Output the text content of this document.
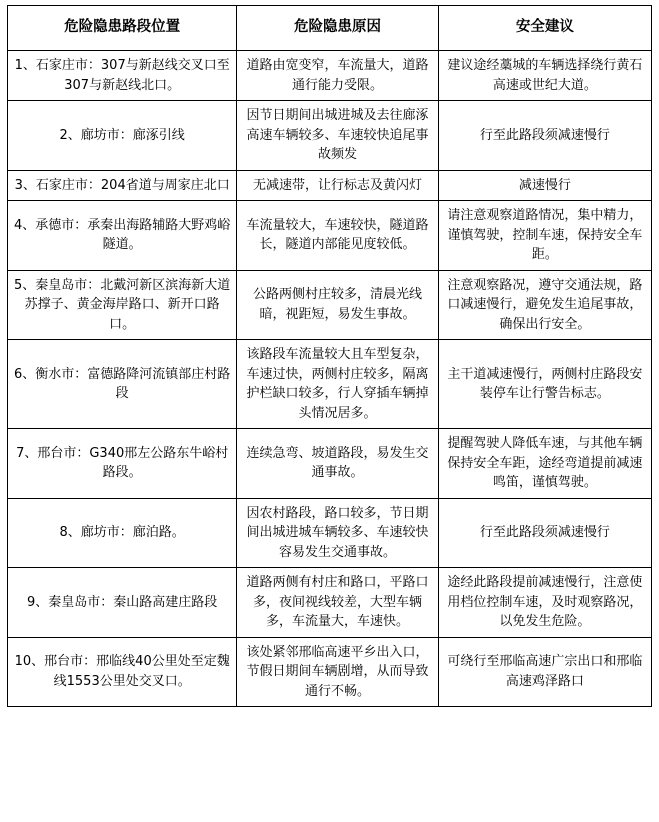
危险隐患路段位置	危险隐患原因	安全建议
1、石家庄市：307与新赵线交叉口至307与新赵线北口。	道路由宽变窄，车流量大，道路通行能力受限。	建议途经藁城的车辆选择绕行黄石高速或世纪大道。
2、廊坊市：廊涿引线	因节日期间出城进城及去往廊涿高速车辆较多、车速较快追尾事故频发	行至此路段须减速慢行
3、石家庄市：204省道与周家庄北口	无减速带，让行标志及黄闪灯	减速慢行
4、承德市：承秦出海路辅路大野鸡峪隧道。	车流量较大，车速较快，隧道路长，隧道内部能见度较低。	请注意观察道路情况，集中精力，谨慎驾驶，控制车速，保持安全车距。
5、秦皇岛市：北戴河新区滨海新大道苏撑子、黄金海岸路口、新开口路口。	公路两侧村庄较多，清晨光线暗，视距短，易发生事故。	注意观察路况，遵守交通法规，路口减速慢行，避免发生追尾事故，确保出行安全。
6、衡水市：富德路降河流镇部庄村路段	该路段车流量较大且车型复杂，车速过快，两侧村庄较多，隔离护栏缺口较多，行人穿插车辆掉头情况居多。	主干道减速慢行，两侧村庄路段安装停车让行警告标志。
7、邢台市：G340邢左公路东牛峪村路段。	连续急弯、坡道路段，易发生交通事故。	提醒驾驶人降低车速，与其他车辆保持安全车距，途经弯道提前减速鸣笛，谨慎驾驶。
8、廊坊市：廊泊路。	因农村路段，路口较多，节日期间出城进城车辆较多、车速较快容易发生交通事故。	行至此路段须减速慢行
9、秦皇岛市：秦山路高建庄路段	道路两侧有村庄和路口，平路口多，夜间视线较差，大型车辆多，车流量大，车速快。	途经此路段提前减速慢行，注意使用档位控制车速，及时观察路况，以免发生危险。
10、邢台市：邢临线40公里处至定魏线1553公里处交叉口。	该处紧邻邢临高速平乡出入口，节假日期间车辆剧增，从而导致通行不畅。	可绕行至邢临高速广宗出口和邢临高速鸡泽路口
